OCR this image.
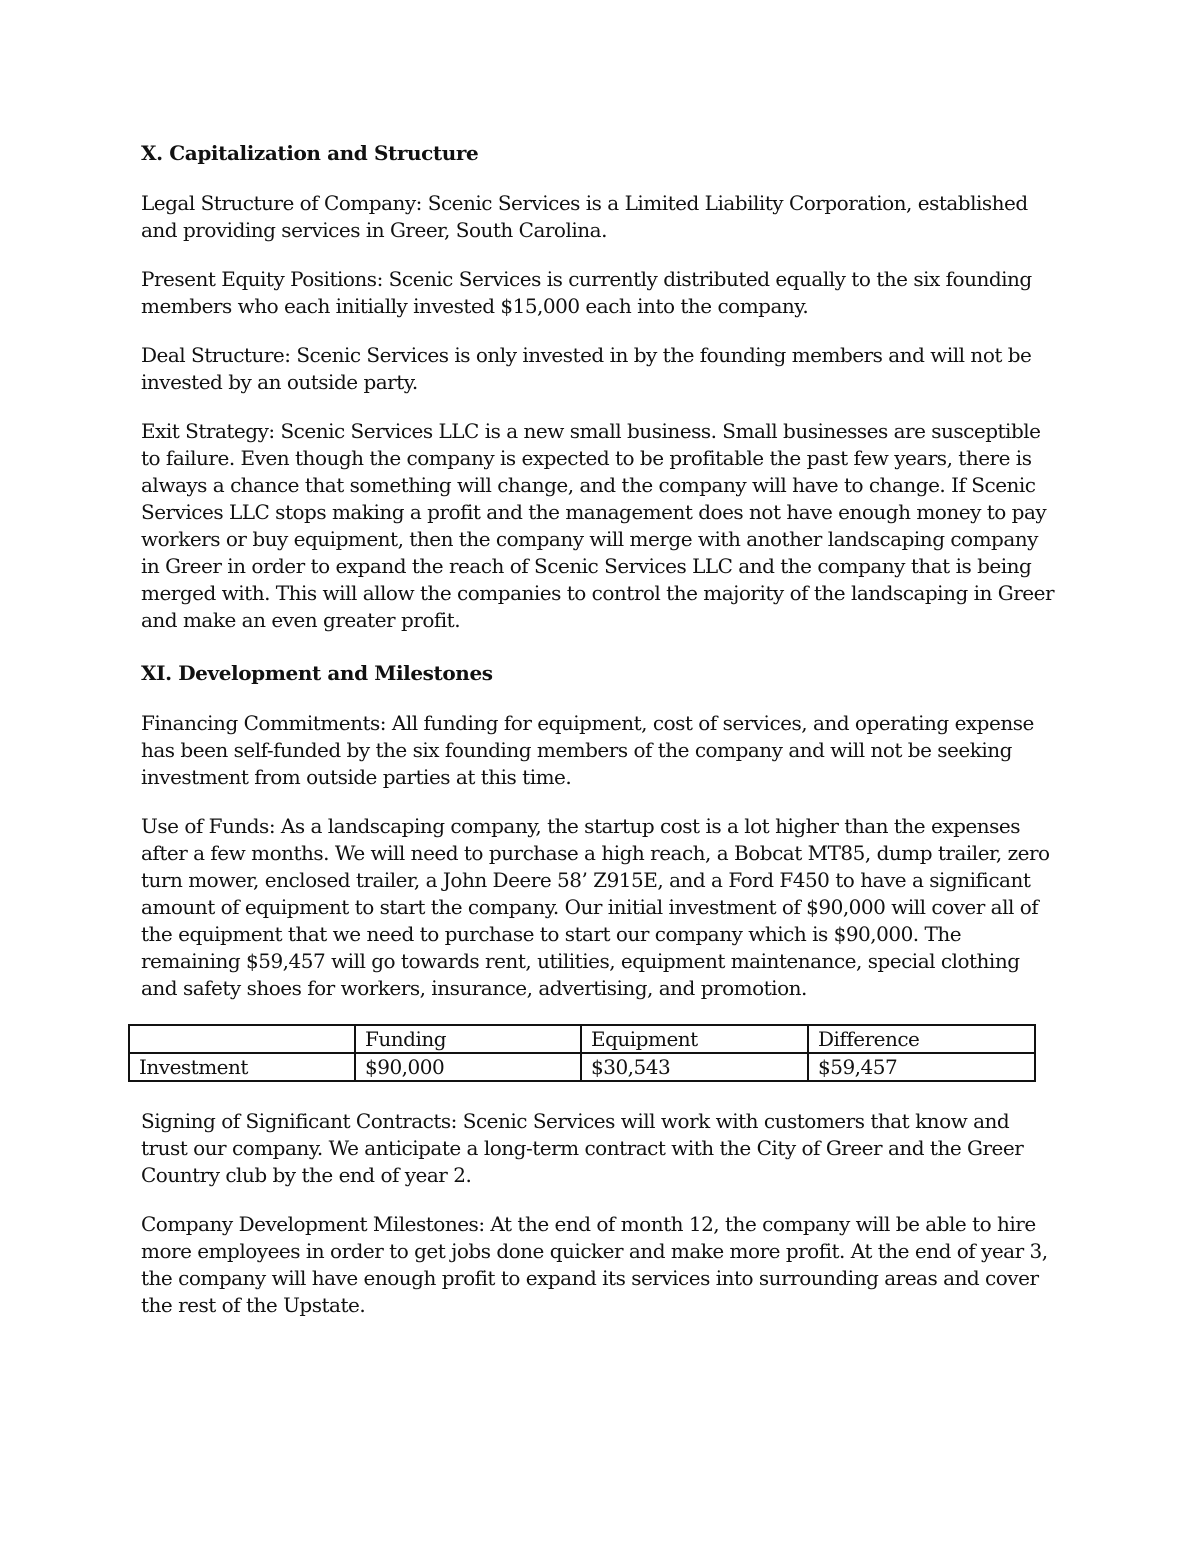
X. Capitalization and Structure

Legal Structure of Company: Scenic Services is a Limited Liability Corporation, established and providing services in Greer, South Carolina.

Present Equity Positions: Scenic Services is currently distributed equally to the six founding members who each initially invested $15,000 each into the company.

Deal Structure: Scenic Services is only invested in by the founding members and will not be invested by an outside party.

Exit Strategy: Scenic Services LLC is a new small business. Small businesses are susceptible to failure. Even though the company is expected to be profitable the past few years, there is always a chance that something will change, and the company will have to change. If Scenic Services LLC stops making a profit and the management does not have enough money to pay workers or buy equipment, then the company will merge with another landscaping company in Greer in order to expand the reach of Scenic Services LLC and the company that is being merged with. This will allow the companies to control the majority of the landscaping in Greer and make an even greater profit.

XI. Development and Milestones

Financing Commitments: All funding for equipment, cost of services, and operating expense has been self-funded by the six founding members of the company and will not be seeking investment from outside parties at this time.

Use of Funds: As a landscaping company, the startup cost is a lot higher than the expenses after a few months. We will need to purchase a high reach, a Bobcat MT85, dump trailer, zero turn mower, enclosed trailer, a John Deere 58’ Z915E, and a Ford F450 to have a significant amount of equipment to start the company. Our initial investment of $90,000 will cover all of the equipment that we need to purchase to start our company which is $90,000. The remaining $59,457 will go towards rent, utilities, equipment maintenance, special clothing and safety shoes for workers, insurance, advertising, and promotion.

	Funding	Equipment	Difference
Investment	$90,000	$30,543	$59,457

Signing of Significant Contracts: Scenic Services will work with customers that know and trust our company. We anticipate a long-term contract with the City of Greer and the Greer Country club by the end of year 2.

Company Development Milestones: At the end of month 12, the company will be able to hire more employees in order to get jobs done quicker and make more profit. At the end of year 3, the company will have enough profit to expand its services into surrounding areas and cover the rest of the Upstate.
